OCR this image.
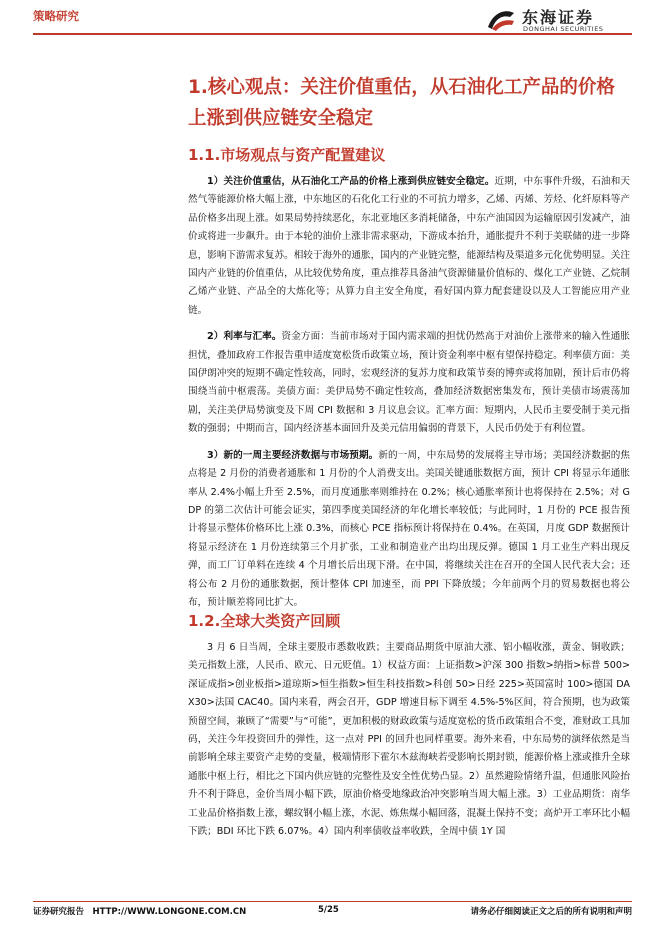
策略研究	东海证券
DONGHAI SECURITIES
1.核心观点：关注价值重估，从石油化工产品的价格上涨到供应链安全稳定
1.1.市场观点与资产配置建议

1）关注价值重估，从石油化工产品的价格上涨到供应链安全稳定。近期，中东事件升级，石油和天然气等能源价格大幅上涨，中东地区的石化化工行业的不可抗力增多，乙烯、丙烯、芳烃、化纤原料等产品价格多出现上涨。如果局势持续恶化，东北亚地区多消耗储备，中东产油国因为运输原因引发减产，油价或将进一步飙升。由于本轮的油价上涨非需求驱动，下游成本抬升，通胀提升不利于美联储的进一步降息，影响下游需求复苏。相较于海外的通胀，国内的产业链完整，能源结构及渠道多元化优势明显。关注国内产业链的价值重估，从比较优势角度，重点推荐具备油气资源储量价值标的、煤化工产业链、乙烷制乙烯产业链、产品全的大炼化等；从算力自主安全角度，看好国内算力配套建设以及人工智能应用产业链。

2）利率与汇率。资金方面：当前市场对于国内需求端的担忧仍然高于对油价上涨带来的输入性通胀担忧，叠加政府工作报告重申适度宽松货币政策立场，预计资金利率中枢有望保持稳定。利率债方面：美国伊朗冲突的短期不确定性较高，同时，宏观经济的复苏力度和政策节奏的博弈或将加剧，预计后市仍将围绕当前中枢震荡。美债方面：美伊局势不确定性较高，叠加经济数据密集发布，预计美债市场震荡加剧，关注美伊局势演变及下周 CPI 数据和 3 月议息会议。汇率方面：短期内，人民币主要受制于美元指数的强弱；中期而言，国内经济基本面回升及美元信用偏弱的背景下，人民币仍处于有利位置。

3）新的一周主要经济数据与市场预期。新的一周，中东局势的发展将主导市场；美国经济数据的焦点将是 2 月份的消费者通胀和 1 月份的个人消费支出。美国关键通胀数据方面，预计 CPI 将显示年通胀率从 2.4%小幅上升至 2.5%，而月度通胀率则维持在 0.2%；核心通胀率预计也将保持在 2.5%；对 GDP 的第二次估计可能会证实，第四季度美国经济的年化增长率较低；与此同时，1 月份的 PCE 报告预计将显示整体价格环比上涨 0.3%，而核心 PCE 指标预计将保持在 0.4%。在英国，月度 GDP 数据预计将显示经济在 1 月份连续第三个月扩张，工业和制造业产出均出现反弹。德国 1 月工业生产料出现反弹，而工厂订单料在连续 4 个月增长后出现下滑。在中国，将继续关注在召开的全国人民代表大会；还将公布 2 月份的通胀数据，预计整体 CPI 加速至，而 PPI 下降放缓；今年前两个月的贸易数据也将公布，预计顺差将同比扩大。

1.2.全球大类资产回顾

3 月 6 日当周，全球主要股市悉数收跌；主要商品期货中原油大涨、铝小幅收涨，黄金、铜收跌；美元指数上涨，人民币、欧元、日元贬值。1）权益方面：上证指数>沪深 300 指数>纳指>标普 500>深证成指>创业板指>道琼斯>恒生指数>恒生科技指数>科创 50>日经 225>英国富时 100>德国 DAX30>法国 CAC40。国内来看，两会召开，GDP 增速目标下调至 4.5%-5%区间，符合预期，也为政策预留空间，兼顾了“需要”与“可能”，更加积极的财政政策与适度宽松的货币政策组合不变，准财政工具加码，关注今年投资回升的弹性，这一点对 PPI 的回升也同样重要。海外来看，中东局势的演绎依然是当前影响全球主要资产走势的变量，极端情形下霍尔木兹海峡若受影响长期封锁，能源价格上涨或推升全球通胀中枢上行，相比之下国内供应链的完整性及安全性优势凸显。2）虽然避险情绪升温，但通胀风险抬升不利于降息，金价当周小幅下跌，原油价格受地缘政治冲突影响当周大幅上涨。3）工业品期货：南华工业品价格指数上涨，螺纹钢小幅上涨，水泥、炼焦煤小幅回落，混凝土保持不变；高炉开工率环比小幅下跌；BDI 环比下跌 6.07%。4）国内利率债收益率收跌，全周中债 1Y 国

证券研究报告　HTTP://WWW.LONGONE.COM.CN	5/25	请务必仔细阅读正文之后的所有说明和声明
